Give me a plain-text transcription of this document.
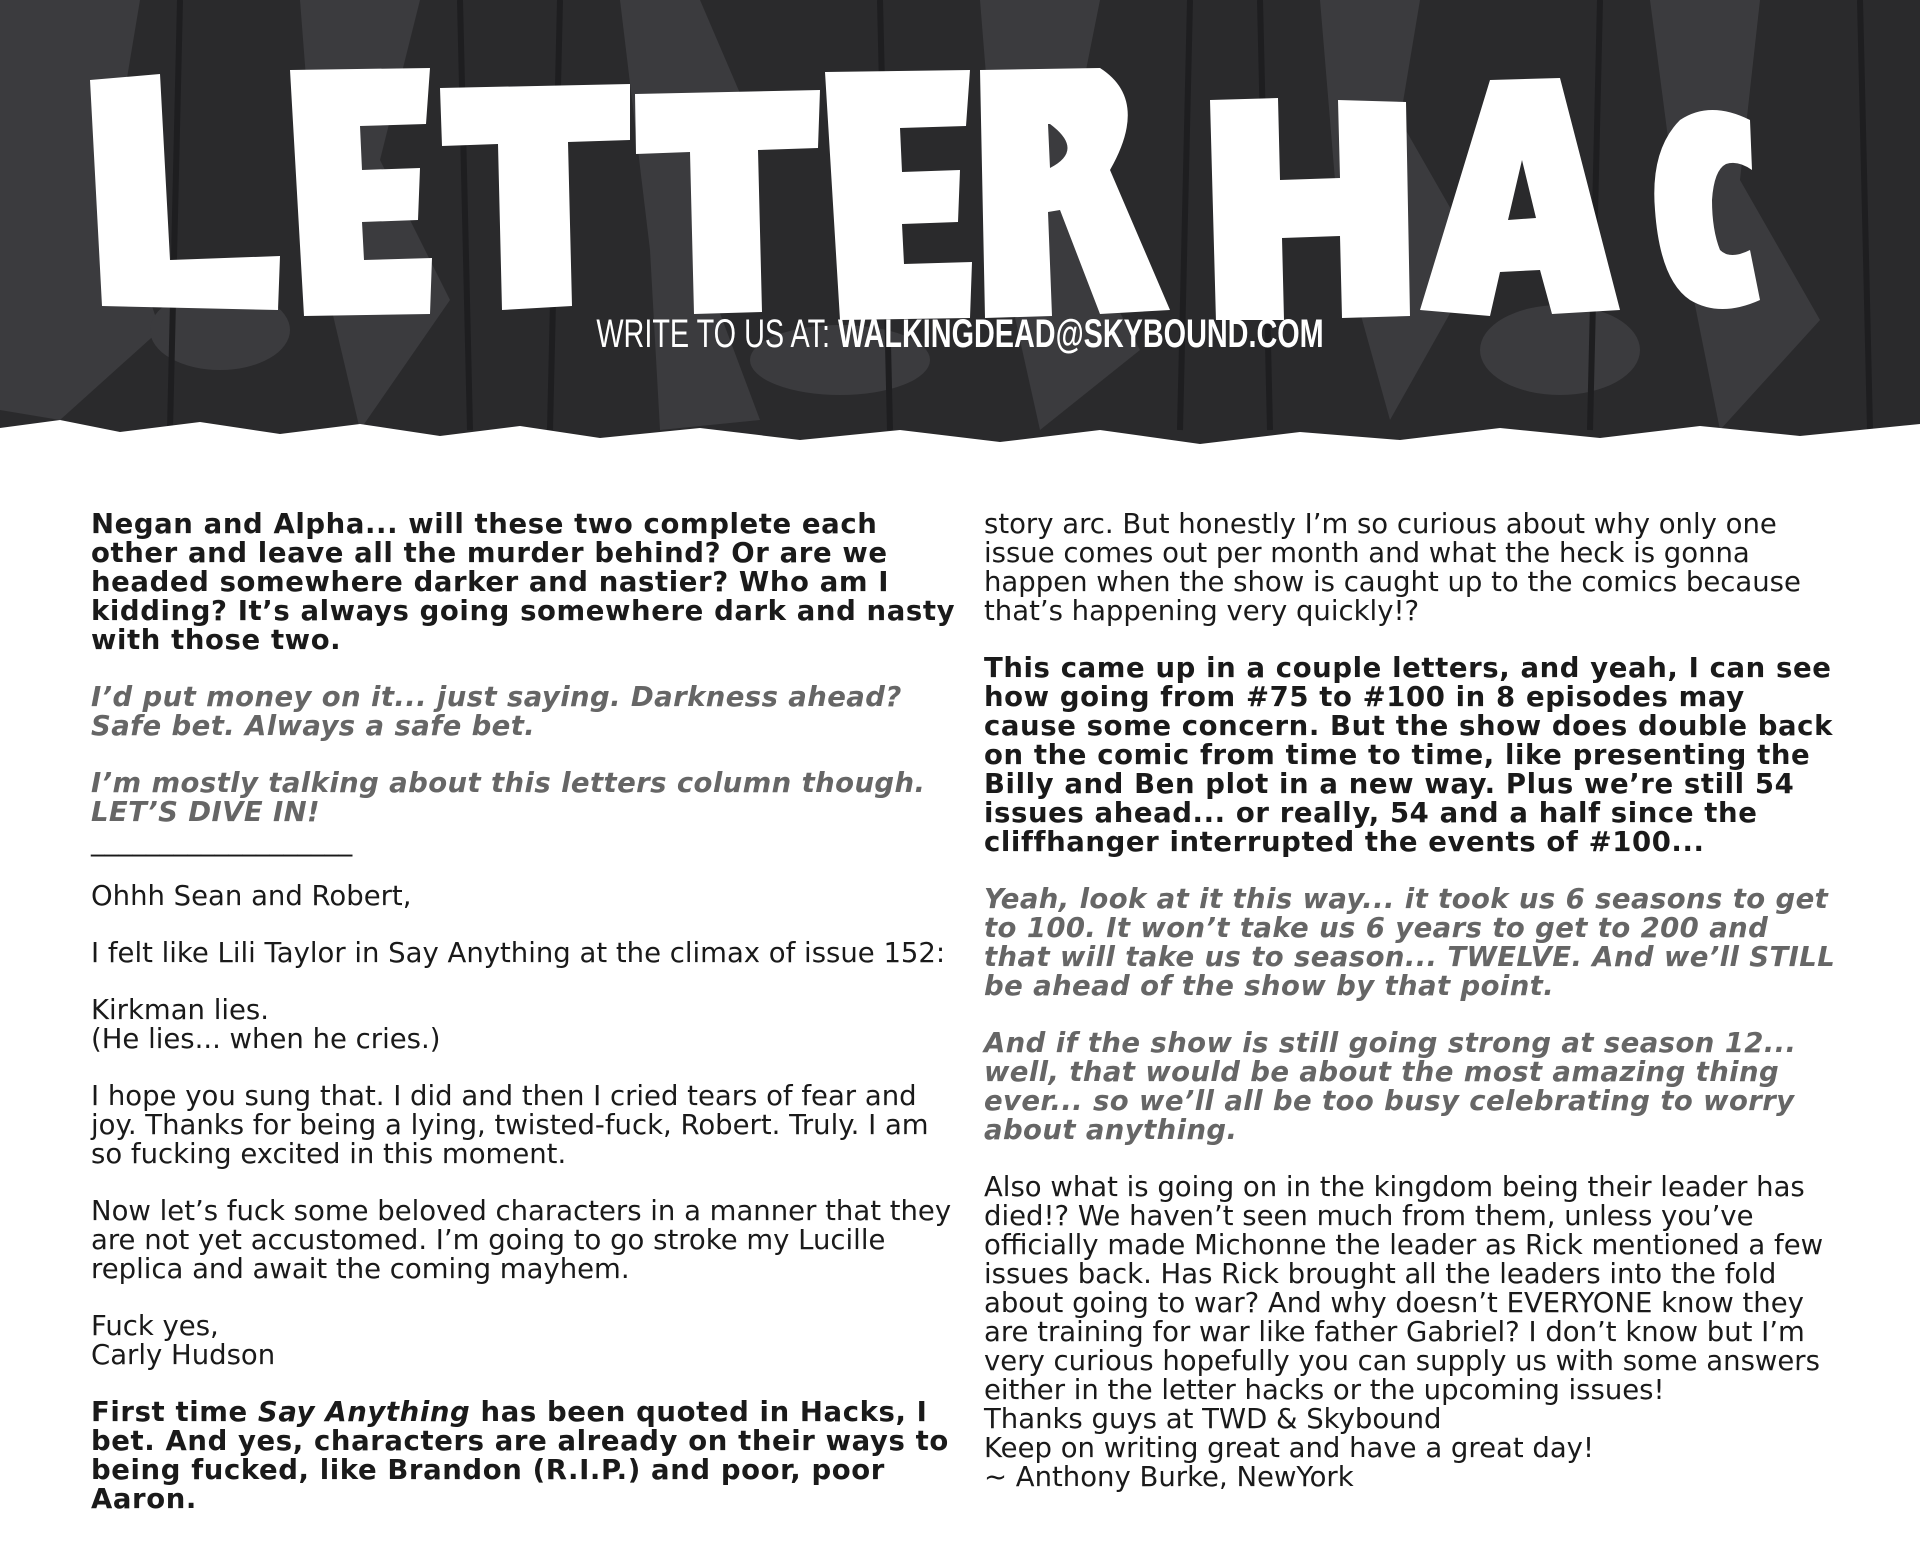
WRITE TO US AT: WALKINGDEAD@SKYBOUND.COM

Negan and Alpha... will these two complete each other and leave all the murder behind? Or are we headed somewhere darker and nastier? Who am I kidding? It’s always going somewhere dark and nasty with those two.

I’d put money on it... just saying. Darkness ahead? Safe bet. Always a safe bet.

I’m mostly talking about this letters column though. LET’S DIVE IN!

___________________

Ohhh Sean and Robert,

I felt like Lili Taylor in Say Anything at the climax of issue 152:

Kirkman lies.
(He lies... when he cries.)

I hope you sung that. I did and then I cried tears of fear and joy. Thanks for being a lying, twisted-fuck, Robert. Truly. I am so fucking excited in this moment.

Now let’s fuck some beloved characters in a manner that they are not yet accustomed. I’m going to go stroke my Lucille replica and await the coming mayhem.

Fuck yes,
Carly Hudson

First time Say Anything has been quoted in Hacks, I bet. And yes, characters are already on their ways to being fucked, like Brandon (R.I.P.) and poor, poor Aaron.

story arc. But honestly I’m so curious about why only one issue comes out per month and what the heck is gonna happen when the show is caught up to the comics because that’s happening very quickly!?

This came up in a couple letters, and yeah, I can see how going from #75 to #100 in 8 episodes may cause some concern. But the show does double back on the comic from time to time, like presenting the Billy and Ben plot in a new way. Plus we’re still 54 issues ahead... or really, 54 and a half since the cliffhanger interrupted the events of #100...

Yeah, look at it this way... it took us 6 seasons to get to 100. It won’t take us 6 years to get to 200 and that will take us to season... TWELVE. And we’ll STILL be ahead of the show by that point.

And if the show is still going strong at season 12... well, that would be about the most amazing thing ever... so we’ll all be too busy celebrating to worry about anything.

Also what is going on in the kingdom being their leader has died!? We haven’t seen much from them, unless you’ve officially made Michonne the leader as Rick mentioned a few issues back. Has Rick brought all the leaders into the fold about going to war? And why doesn’t EVERYONE know they are training for war like father Gabriel? I don’t know but I’m very curious hopefully you can supply us with some answers either in the letter hacks or the upcoming issues!
Thanks guys at TWD & Skybound
Keep on writing great and have a great day!
~ Anthony Burke, NewYork
